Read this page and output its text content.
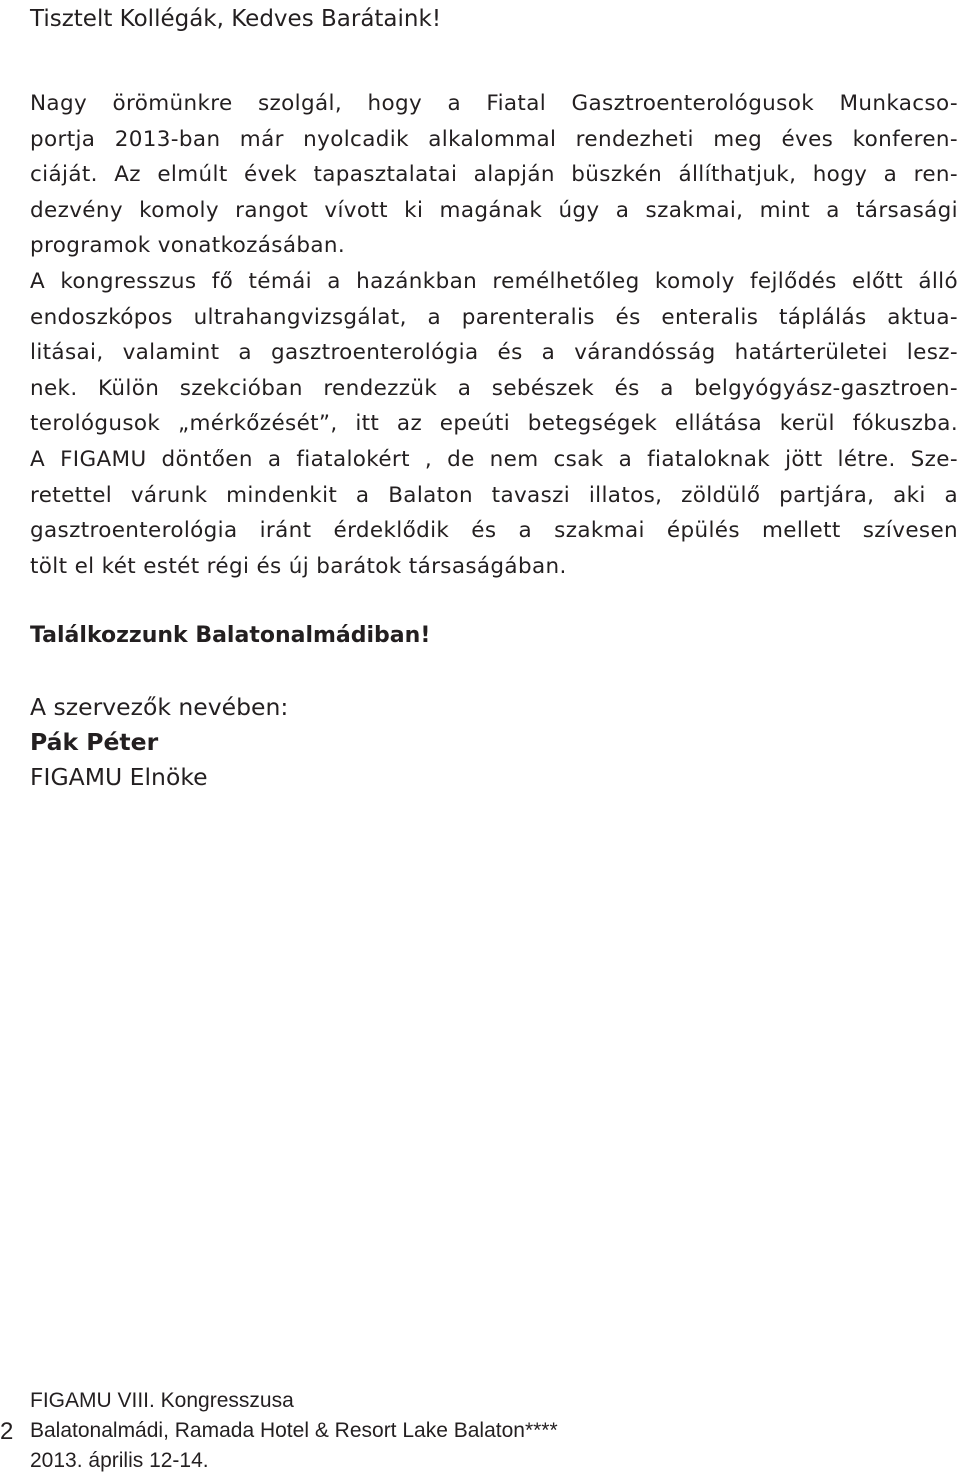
Tisztelt Kollégák, Kedves Barátaink!
Nagy örömünkre szolgál, hogy a Fiatal Gasztroenterológusok Munkacso-
portja 2013-ban már nyolcadik alkalommal rendezheti meg éves konferen-
ciáját. Az elmúlt évek tapasztalatai alapján büszkén állíthatjuk, hogy a ren-
dezvény komoly rangot vívott ki magának úgy a szakmai, mint a társasági
programok vonatkozásában.
A kongresszus fő témái a hazánkban remélhetőleg komoly fejlődés előtt álló
endoszkópos ultrahangvizsgálat, a parenteralis és enteralis táplálás aktua-
litásai, valamint a gasztroenterológia és a várandósság határterületei lesz-
nek. Külön szekcióban rendezzük a sebészek és a belgyógyász-gasztroen-
terológusok „mérkőzését”, itt az epeúti betegségek ellátása kerül fókuszba.
A FIGAMU döntően a fiatalokért , de nem csak a fiataloknak jött létre. Sze-
retettel várunk mindenkit a Balaton tavaszi illatos, zöldülő partjára, aki a
gasztroenterológia iránt érdeklődik és a szakmai épülés mellett szívesen
tölt el két estét régi és új barátok társaságában.

Találkozzunk Balatonalmádiban!

A szervezők nevében:

Pák Péter

FIGAMU Elnöke

2
FIGAMU VIII. Kongresszusa
Balatonalmádi, Ramada Hotel & Resort Lake Balaton****
2013. április 12-14.
